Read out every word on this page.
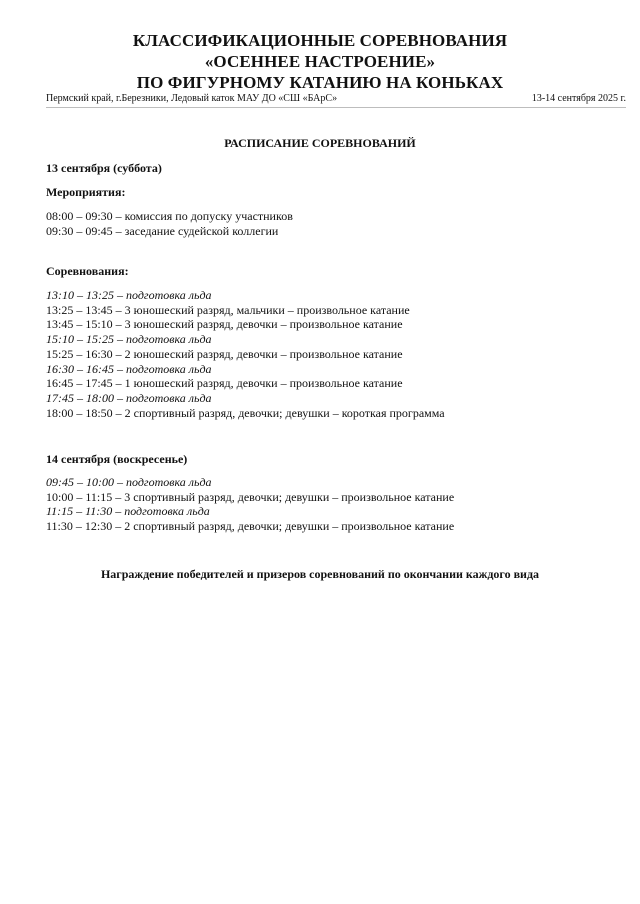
КЛАССИФИКАЦИОННЫЕ СОРЕВНОВАНИЯ
«ОСЕННЕЕ НАСТРОЕНИЕ»
ПО ФИГУРНОМУ КАТАНИЮ НА КОНЬКАХ
Пермский край, г.Березники, Ледовый каток МАУ ДО «СШ «БАрС»	13-14 сентября 2025 г.
РАСПИСАНИЕ СОРЕВНОВАНИЙ
13 сентября (суббота)
Мероприятия:
08:00 – 09:30 – комиссия по допуску участников
09:30 – 09:45 – заседание судейской коллегии
Соревнования:
13:10 – 13:25 – подготовка льда
13:25 – 13:45 – 3 юношеский разряд, мальчики – произвольное катание
13:45 – 15:10 – 3 юношеский разряд, девочки – произвольное катание
15:10 – 15:25 – подготовка льда
15:25 – 16:30 – 2 юношеский разряд, девочки – произвольное катание
16:30 – 16:45 – подготовка льда
16:45 – 17:45 – 1 юношеский разряд, девочки – произвольное катание
17:45 – 18:00 – подготовка льда
18:00 – 18:50 – 2 спортивный разряд, девочки; девушки – короткая программа
14 сентября (воскресенье)
09:45 – 10:00 – подготовка льда
10:00 – 11:15 – 3 спортивный разряд, девочки; девушки – произвольное катание
11:15 – 11:30 – подготовка льда
11:30 – 12:30 – 2 спортивный разряд, девочки; девушки – произвольное катание
Награждение победителей и призеров соревнований по окончании каждого вида
